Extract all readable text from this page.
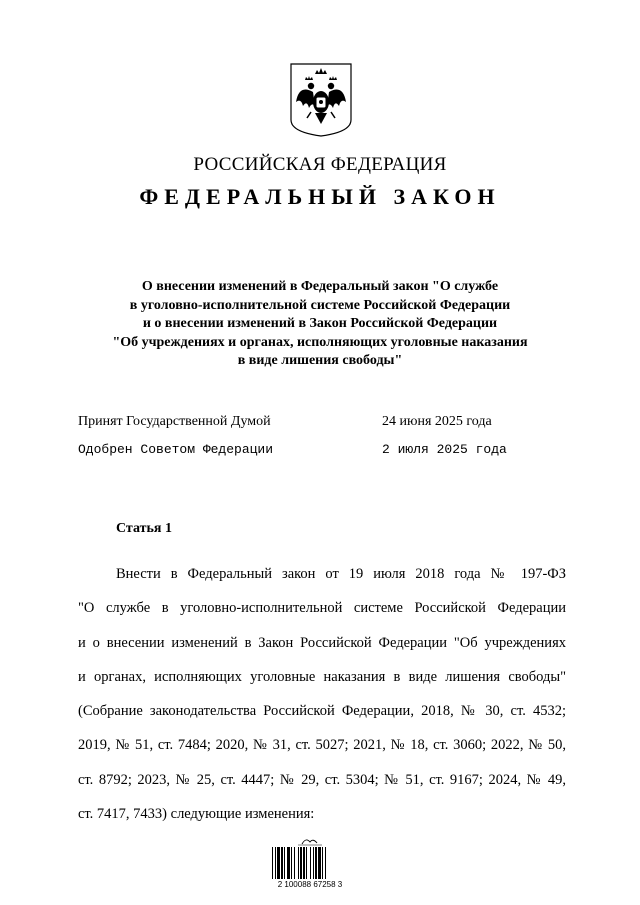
РОССИЙСКАЯ ФЕДЕРАЦИЯ
ФЕДЕРАЛЬНЫЙ ЗАКОН
О внесении изменений в Федеральный закон "О службе
в уголовно-исполнительной системе Российской Федерации
и о внесении изменений в Закон Российской Федерации
"Об учреждениях и органах, исполняющих уголовные наказания
в виде лишения свободы"
Принят Государственной Думой	24 июня 2025 года
Одобрен Советом Федерации	2 июля 2025 года
Статья 1
Внести в Федеральный закон от 19 июля 2018 года № 197-ФЗ
"О службе в уголовно-исполнительной системе Российской Федерации
и о внесении изменений в Закон Российской Федерации "Об учреждениях
и органах, исполняющих уголовные наказания в виде лишения свободы"
(Собрание законодательства Российской Федерации, 2018, № 30, ст. 4532;
2019, № 51, ст. 7484; 2020, № 31, ст. 5027; 2021, № 18, ст. 3060; 2022, № 50,
ст. 8792; 2023, № 25, ст. 4447; № 29, ст. 5304; № 51, ст. 9167; 2024, № 49,
ст. 7417, 7433) следующие изменения:
2 100088 67258 3
